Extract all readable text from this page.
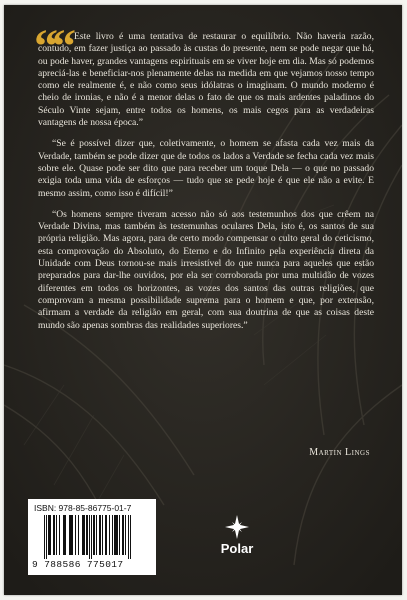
““ Este livro é uma tentativa de restaurar o equilíbrio. Não haveria razão, contudo, em fazer justiça ao passado às custas do presente, nem se pode negar que há, ou pode haver, grandes vantagens espirituais em se viver hoje em dia. Mas só podemos apreciá-las e beneficiar-nos plenamente delas na medida em que vejamos nosso tempo como ele realmente é, e não como seus idólatras o imaginam. O mundo moderno é cheio de ironias, e não é a menor delas o fato de que os mais ardentes paladinos do Século Vinte sejam, entre todos os homens, os mais cegos para as verdadeiras vantagens de nossa época.”

“Se é possível dizer que, coletivamente, o homem se afasta cada vez mais da Verdade, também se pode dizer que de todos os lados a Verdade se fecha cada vez mais sobre ele. Quase pode ser dito que para receber um toque Dela — o que no passado exigia toda uma vida de esforços — tudo que se pede hoje é que ele não a evite. E mesmo assim, como isso é difícil!”

“Os homens sempre tiveram acesso não só aos testemunhos dos que crêem na Verdade Divina, mas também às testemunhas oculares Dela, isto é, os santos de sua própria religião. Mas agora, para de certo modo compensar o culto geral do ceticismo, esta comprovação do Absoluto, do Eterno e do Infinito pela experiência direta da Unidade com Deus tornou-se mais irresistível do que nunca para aqueles que estão preparados para dar-lhe ouvidos, por ela ser corroborada por uma multidão de vozes diferentes em todos os horizontes, as vozes dos santos das outras religiões, que comprovam a mesma possibilidade suprema para o homem e que, por extensão, afirmam a verdade da religião em geral, com sua doutrina de que as coisas deste mundo são apenas sombras das realidades superiores.”

Martin Lings
ISBN: 978-85-86775-01-7
9 788586 775017
Polar
